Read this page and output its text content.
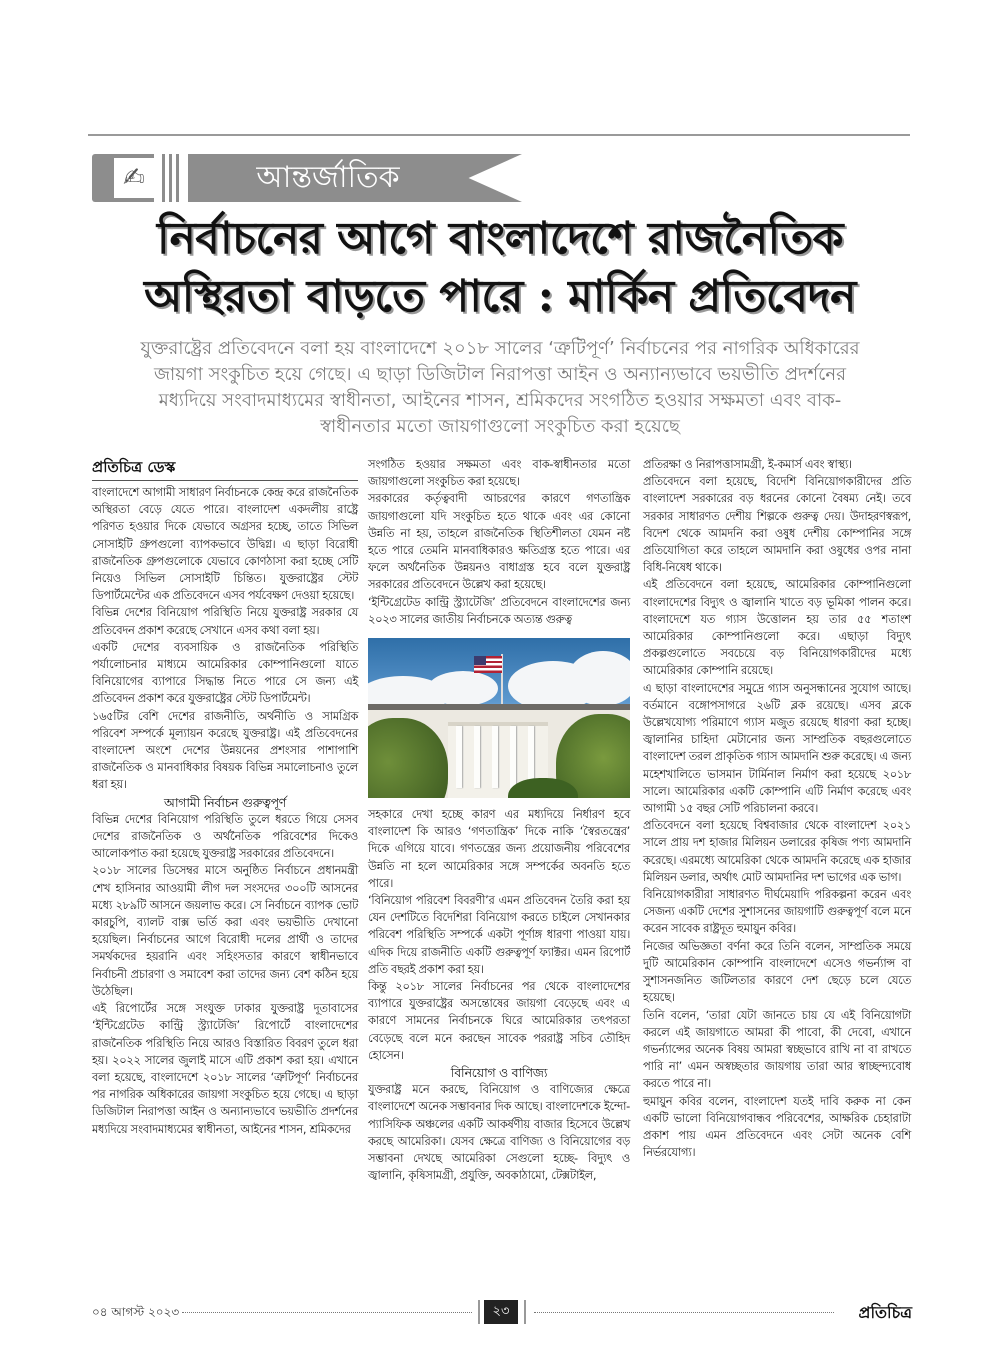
✍	আন্তর্জাতিক
নির্বাচনের আগে বাংলাদেশে রাজনৈতিক
অস্থিরতা বাড়তে পারে : মার্কিন প্রতিবেদন
যুক্তরাষ্ট্রের প্রতিবেদনে বলা হয় বাংলাদেশে ২০১৮ সালের ‘ত্রুটিপূর্ণ’ নির্বাচনের পর নাগরিক অধিকারের জায়গা সংকুচিত হয়ে গেছে। এ ছাড়া ডিজিটাল নিরাপত্তা আইন ও অন্যান্যভাবে ভয়ভীতি প্রদর্শনের মধ্যদিয়ে সংবাদমাধ্যমের স্বাধীনতা, আইনের শাসন, শ্রমিকদের সংগঠিত হওয়ার সক্ষমতা এবং বাক-স্বাধীনতার মতো জায়গাগুলো সংকুচিত করা হয়েছে
প্রতিচিত্র ডেস্ক

বাংলাদেশে আগামী সাধারণ নির্বাচনকে কেন্দ্র করে রাজনৈতিক অস্থিরতা বেড়ে যেতে পারে। বাংলাদেশ একদলীয় রাষ্ট্রে পরিণত হওয়ার দিকে যেভাবে অগ্রসর হচ্ছে, তাতে সিভিল সোসাইটি গ্রুপগুলো ব্যাপকভাবে উদ্বিগ্ন। এ ছাড়া বিরোধী রাজনৈতিক গ্রুপগুলোকে যেভাবে কোণঠাসা করা হচ্ছে সেটি নিয়েও সিভিল সোসাইটি চিন্তিত। যুক্তরাষ্ট্রের স্টেট ডিপার্টমেন্টের এক প্রতিবেদনে এসব পর্যবেক্ষণ দেওয়া হয়েছে।

বিভিন্ন দেশের বিনিয়োগ পরিস্থিতি নিয়ে যুক্তরাষ্ট্র সরকার যে প্রতিবেদন প্রকাশ করেছে সেখানে এসব কথা বলা হয়।

একটি দেশের ব্যবসায়িক ও রাজনৈতিক পরিস্থিতি পর্যালোচনার মাধ্যমে আমেরিকার কোম্পানিগুলো যাতে বিনিয়োগের ব্যাপারে সিদ্ধান্ত নিতে পারে সে জন্য এই প্রতিবেদন প্রকাশ করে যুক্তরাষ্ট্রের স্টেট ডিপার্টমেন্ট।

১৬৫টির বেশি দেশের রাজনীতি, অর্থনীতি ও সামগ্রিক পরিবেশ সম্পর্কে মূল্যায়ন করেছে যুক্তরাষ্ট্র। এই প্রতিবেদনের বাংলাদেশ অংশে দেশের উন্নয়নের প্রশংসার পাশাপাশি রাজনৈতিক ও মানবাধিকার বিষয়ক বিভিন্ন সমালোচনাও তুলে ধরা হয়।

আগামী নির্বাচন গুরুত্বপূর্ণ

বিভিন্ন দেশের বিনিয়োগ পরিস্থিতি তুলে ধরতে গিয়ে সেসব দেশের রাজনৈতিক ও অর্থনৈতিক পরিবেশের দিকেও আলোকপাত করা হয়েছে যুক্তরাষ্ট্র সরকারের প্রতিবেদনে।

২০১৮ সালের ডিসেম্বর মাসে অনুষ্ঠিত নির্বাচনে প্রধানমন্ত্রী শেখ হাসিনার আওয়ামী লীগ দল সংসদের ৩০০টি আসনের মধ্যে ২৮৯টি আসনে জয়লাভ করে। সে নির্বাচনে ব্যাপক ভোট কারচুপি, ব্যালট বাক্স ভর্তি করা এবং ভয়ভীতি দেখানো হয়েছিল। নির্বাচনের আগে বিরোধী দলের প্রার্থী ও তাদের সমর্থকদের হয়রানি এবং সহিংসতার কারণে স্বাধীনভাবে নির্বাচনী প্রচারণা ও সমাবেশ করা তাদের জন্য বেশ কঠিন হয়ে উঠেছিল।

এই রিপোর্টের সঙ্গে সংযুক্ত ঢাকার যুক্তরাষ্ট্র দূতাবাসের ‘ইন্টিগ্রেটেড কান্ট্রি স্ট্র্যাটেজি’ রিপোর্টে বাংলাদেশের রাজনৈতিক পরিস্থিতি নিয়ে আরও বিস্তারিত বিবরণ তুলে ধরা হয়। ২০২২ সালের জুলাই মাসে এটি প্রকাশ করা হয়। এখানে বলা হয়েছে, বাংলাদেশে ২০১৮ সালের ‘ত্রুটিপূর্ণ’ নির্বাচনের পর নাগরিক অধিকারের জায়গা সংকুচিত হয়ে গেছে। এ ছাড়া ডিজিটাল নিরাপত্তা আইন ও অন্যান্যভাবে ভয়ভীতি প্রদর্শনের মধ্যদিয়ে সংবাদমাধ্যমের স্বাধীনতা, আইনের শাসন, শ্রমিকদের

সংগঠিত হওয়ার সক্ষমতা এবং বাক-স্বাধীনতার মতো জায়গাগুলো সংকুচিত করা হয়েছে।

সরকারের কর্তৃত্ববাদী আচরণের কারণে গণতান্ত্রিক জায়গাগুলো যদি সংকুচিত হতে থাকে এবং এর কোনো উন্নতি না হয়, তাহলে রাজনৈতিক স্থিতিশীলতা যেমন নষ্ট হতে পারে তেমনি মানবাধিকারও ক্ষতিগ্রস্ত হতে পারে। এর ফলে অর্থনৈতিক উন্নয়নও বাধাগ্রস্ত হবে বলে যুক্তরাষ্ট্র সরকারের প্রতিবেদনে উল্লেখ করা হয়েছে।

‘ইন্টিগ্রেটেড কান্ট্রি স্ট্র্যাটেজি’ প্রতিবেদনে বাংলাদেশের জন্য ২০২৩ সালের জাতীয় নির্বাচনকে অত্যন্ত গুরুত্ব

সহকারে দেখা হচ্ছে কারণ এর মধ্যদিয়ে নির্ধারণ হবে বাংলাদেশ কি আরও ‘গণতান্ত্রিক’ দিকে নাকি ‘স্বৈরতন্ত্রের’ দিকে এগিয়ে যাবে। গণতন্ত্রের জন্য প্রয়োজনীয় পরিবেশের উন্নতি না হলে আমেরিকার সঙ্গে সম্পর্কের অবনতি হতে পারে।

‘বিনিয়োগ পরিবেশ বিবরণী’র এমন প্রতিবেদন তৈরি করা হয় যেন দেশটিতে বিদেশিরা বিনিয়োগ করতে চাইলে সেখানকার পরিবেশ পরিস্থিতি সম্পর্কে একটা পূর্ণাঙ্গ ধারণা পাওয়া যায়। এদিক দিয়ে রাজনীতি একটি গুরুত্বপূর্ণ ফ্যাক্টর। এমন রিপোর্ট প্রতি বছরই প্রকাশ করা হয়।

কিন্তু ২০১৮ সালের নির্বাচনের পর থেকে বাংলাদেশের ব্যাপারে যুক্তরাষ্ট্রের অসন্তোষের জায়গা বেড়েছে এবং এ কারণে সামনের নির্বাচনকে ঘিরে আমেরিকার তৎপরতা বেড়েছে বলে মনে করছেন সাবেক পররাষ্ট্র সচিব তৌহিদ হোসেন।

বিনিয়োগ ও বাণিজ্য

যুক্তরাষ্ট্র মনে করছে, বিনিয়োগ ও বাণিজ্যের ক্ষেত্রে বাংলাদেশে অনেক সম্ভাবনার দিক আছে। বাংলাদেশকে ইন্দো-প্যাসিফিক অঞ্চলের একটি আকর্ষণীয় বাজার হিসেবে উল্লেখ করছে আমেরিকা। যেসব ক্ষেত্রে বাণিজ্য ও বিনিয়োগের বড় সম্ভাবনা দেখছে আমেরিকা সেগুলো হচ্ছে- বিদ্যুৎ ও জ্বালানি, কৃষিসামগ্রী, প্রযুক্তি, অবকাঠামো, টেক্সটাইল,

প্রতিরক্ষা ও নিরাপত্তাসামগ্রী, ই-কমার্স এবং স্বাস্থ্য।

প্রতিবেদনে বলা হয়েছে, বিদেশি বিনিয়োগকারীদের প্রতি বাংলাদেশ সরকারের বড় ধরনের কোনো বৈষম্য নেই। তবে সরকার সাধারণত দেশীয় শিল্পকে গুরুত্ব দেয়। উদাহরণস্বরূপ, বিদেশ থেকে আমদনি করা ওষুধ দেশীয় কোম্পানির সঙ্গে প্রতিযোগিতা করে তাহলে আমদানি করা ওষুধের ওপর নানা বিধি-নিষেধ থাকে।

এই প্রতিবেদনে বলা হয়েছে, আমেরিকার কোম্পানিগুলো বাংলাদেশের বিদ্যুৎ ও জ্বালানি খাতে বড় ভূমিকা পালন করে। বাংলাদেশে যত গ্যাস উত্তোলন হয় তার ৫৫ শতাংশ আমেরিকার কোম্পানিগুলো করে। এছাড়া বিদ্যুৎ প্রকল্পগুলোতে সবচেয়ে বড় বিনিয়োগকারীদের মধ্যে আমেরিকার কোম্পানি রয়েছে।

এ ছাড়া বাংলাদেশের সমুদ্রে গ্যাস অনুসন্ধানের সুযোগ আছে। বর্তমানে বঙ্গোপসাগরে ২৬টি ব্লক রয়েছে। এসব ব্লকে উল্লেখযোগ্য পরিমাণে গ্যাস মজুত রয়েছে ধারণা করা হচ্ছে। জ্বালানির চাহিদা মেটানোর জন্য সাম্প্রতিক বছরগুলোতে বাংলাদেশ তরল প্রাকৃতিক গ্যাস আমদানি শুরু করেছে। এ জন্য মহেশখালিতে ভাসমান টার্মিনাল নির্মাণ করা হয়েছে ২০১৮ সালে। আমেরিকার একটি কোম্পানি এটি নির্মাণ করেছে এবং আগামী ১৫ বছর সেটি পরিচালনা করবে।

প্রতিবেদনে বলা হয়েছে বিশ্ববাজার থেকে বাংলাদেশ ২০২১ সালে প্রায় দশ হাজার মিলিয়ন ডলারের কৃষিজ পণ্য আমদানি করেছে। এরমধ্যে আমেরিকা থেকে আমদনি করেছে এক হাজার মিলিয়ন ডলার, অর্থাৎ মোট আমদানির দশ ভাগের এক ভাগ।

বিনিয়োগকারীরা সাধারণত দীর্ঘমেয়াদি পরিকল্পনা করেন এবং সেজন্য একটি দেশের সুশাসনের জায়গাটি গুরুত্বপূর্ণ বলে মনে করেন সাবেক রাষ্ট্রদূত হুমায়ুন কবির।

নিজের অভিজ্ঞতা বর্ণনা করে তিনি বলেন, সাম্প্রতিক সময়ে দুটি আমেরিকান কোম্পানি বাংলাদেশে এসেও গভর্ন্যান্স বা সুশাসনজনিত জটিলতার কারণে দেশ ছেড়ে চলে যেতে হয়েছে।

তিনি বলেন, ‘তারা যেটা জানতে চায় যে এই বিনিয়োগটা করলে এই জায়গাতে আমরা কী পাবো, কী দেবো, এখানে গভর্ন্যান্সের অনেক বিষয় আমরা স্বচ্ছভাবে রাখি না বা রাখতে পারি না’ এমন অস্বচ্ছতার জায়গায় তারা আর স্বাচ্ছন্দ্যবোধ করতে পারে না।

হুমায়ুন কবির বলেন, বাংলাদেশ যতই দাবি করুক না কেন একটি ভালো বিনিয়োগবান্ধব পরিবেশের, আক্ষরিক চেহারাটা প্রকাশ পায় এমন প্রতিবেদনে এবং সেটা অনেক বেশি নির্ভরযোগ্য।

০৪ আগস্ট ২০২৩	২৩	প্রতিচিত্র
